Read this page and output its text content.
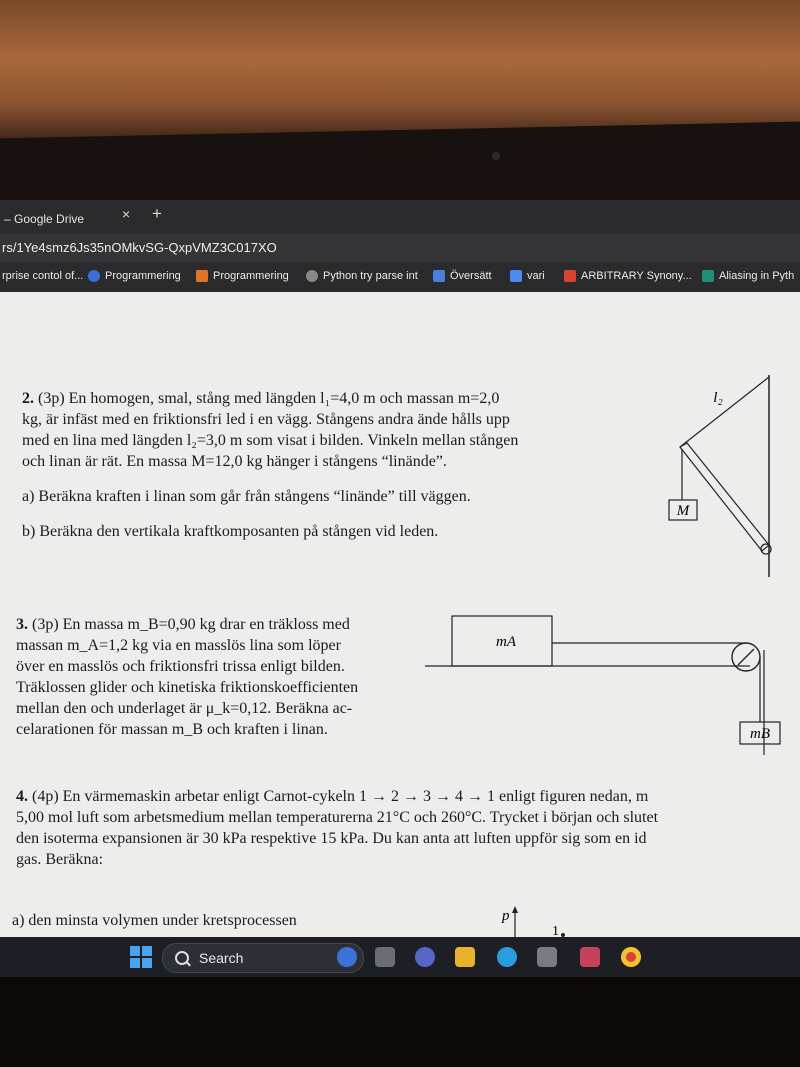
– Google Drive	× +
rs/1Ye4smz6Js35nOMkvSG-QxpVMZ3C017XO
rprise contol of... Programmering	Programmering	Python try parse int	Översätt	vari	ARBITRARY Synony... Aliasing in Pyth

2. (3p) En homogen, smal, stång med längden l₁=4,0 m och massan m=2,0

kg, är infäst med en friktionsfri led i en vägg. Stångens andra ände hålls upp

med en lina med längden l₂=3,0 m som visat i bilden. Vinkeln mellan stången

och linan är rät. En massa M=12,0 kg hänger i stångens “linände”.

a) Beräkna kraften i linan som går från stångens “linände” till väggen.

b) Beräkna den vertikala kraftkomposanten på stången vid leden.

M
l₂

3. (3p) En massa m_B=0,90 kg drar en träkloss med

massan m_A=1,2 kg via en masslös lina som löper

över en masslös och friktionsfri trissa enligt bilden.

Träklossen glider och kinetiska friktionskoefficienten

mellan den och underlaget är μ_k=0,12. Beräkna ac-

celarationen för massan m_B och kraften i linan.

mA
mB

4. (4p) En värmemaskin arbetar enligt Carnot-cykeln 1 → 2 → 3 → 4 → 1 enligt figuren nedan, m

5,00 mol luft som arbetsmedium mellan temperaturerna 21°C och 260°C. Trycket i början och slutet

den isoterma expansionen är 30 kPa respektive 15 kPa. Du kan anta att luften uppför sig som en id

gas. Beräkna:

a) den minsta volymen under kretsprocessen	p
1
Search
